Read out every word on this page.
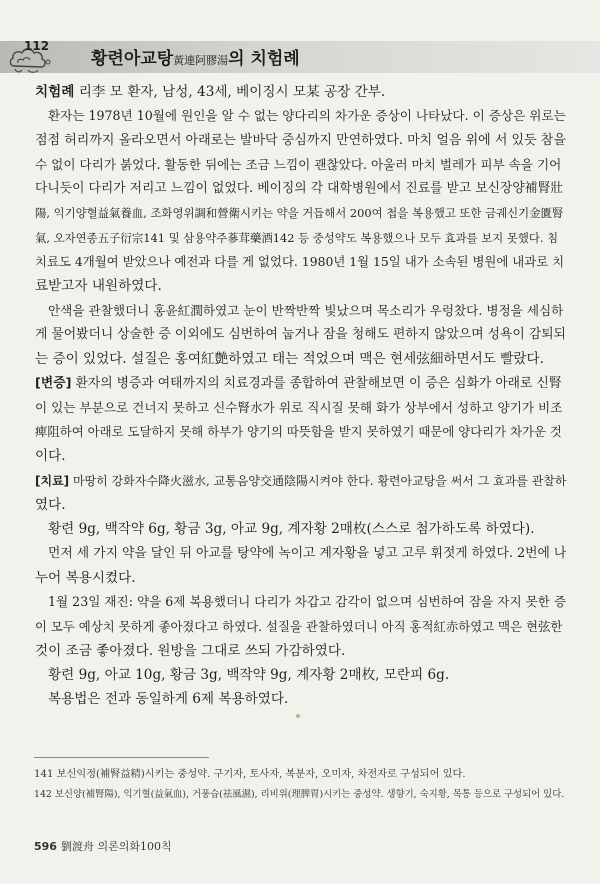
112
황련아교탕黃連阿膠湯의 치험례
치험례 리李 모 환자, 남성, 43세, 베이징시 모某 공장 간부.
환자는 1978년 10월에 원인을 알 수 없는 양다리의 차가운 증상이 나타났다. 이 증상은 위로는
점점 허리까지 올라오면서 아래로는 발바닥 중심까지 만연하였다. 마치 얼음 위에 서 있듯 참을
수 없이 다리가 붉었다. 활동한 뒤에는 조금 느낌이 괜찮았다. 아울러 마치 벌레가 피부 속을 기어
다니듯이 다리가 저리고 느낌이 없었다. 베이징의 각 대학병원에서 진료를 받고 보신장양補腎壯
陽, 익기양혈益氣養血, 조화영위調和營衛시키는 약을 거듭해서 200여 첩을 복용했고 또한 금궤신기金匱腎
氣, 오자연종五子衍宗141 및 삼용약주蔘茸藥酒142 등 중성약도 복용했으나 모두 효과를 보지 못했다. 침
치료도 4개월여 받았으나 예전과 다를 게 없었다. 1980년 1월 15일 내가 소속된 병원에 내과로 치
료받고자 내원하였다.
안색을 관찰했더니 홍윤紅潤하였고 눈이 반짝반짝 빛났으며 목소리가 우렁찼다. 병정을 세심하
게 물어봤더니 상술한 증 이외에도 심번하여 눕거나 잠을 청해도 편하지 않았으며 성욕이 감퇴되
는 증이 있었다. 설질은 홍여紅艶하였고 태는 적었으며 맥은 현세弦細하면서도 빨랐다.
[변증] 환자의 병증과 여태까지의 치료경과를 종합하여 관찰해보면 이 증은 심화가 아래로 신腎
이 있는 부분으로 건너지 못하고 신수腎水가 위로 직시질 못해 화가 상부에서 성하고 양기가 비조
痺阻하여 아래로 도달하지 못해 하부가 양기의 따뜻함을 받지 못하였기 때문에 양다리가 차가운 것
이다.
[치료] 마땅히 강화자수降火滋水, 교통음양交通陰陽시켜야 한다. 황련아교탕을 써서 그 효과를 관찰하
였다.
황련 9g, 백작약 6g, 황금 3g, 아교 9g, 계자황 2매枚(스스로 첨가하도록 하였다).
먼저 세 가지 약을 달인 뒤 아교를 탕약에 녹이고 계자황을 넣고 고루 휘젓게 하였다. 2번에 나
누어 복용시켰다.
1월 23일 재진: 약을 6제 복용했더니 다리가 차갑고 감각이 없으며 심번하여 잠을 자지 못한 증
이 모두 예상치 못하게 좋아졌다고 하였다. 설질을 관찰하였더니 아직 홍적紅赤하였고 맥은 현弦한
것이 조금 좋아졌다. 원방을 그대로 쓰되 가감하였다.
황련 9g, 아교 10g, 황금 3g, 백작약 9g, 계자황 2매枚, 모란피 6g.
복용법은 전과 동일하게 6제 복용하였다.
141 보신익정(補腎益精)시키는 중성약. 구기자, 토사자, 복분자, 오미자, 차전자로 구성되어 있다.
142 보신양(補腎陽), 익기혈(益氣血), 거풍습(祛風濕), 리비위(理脾胃)시키는 중성약. 생향기, 숙지황, 목통 등으로 구성되어 있다.
596 劉渡舟 의론의화100칙
